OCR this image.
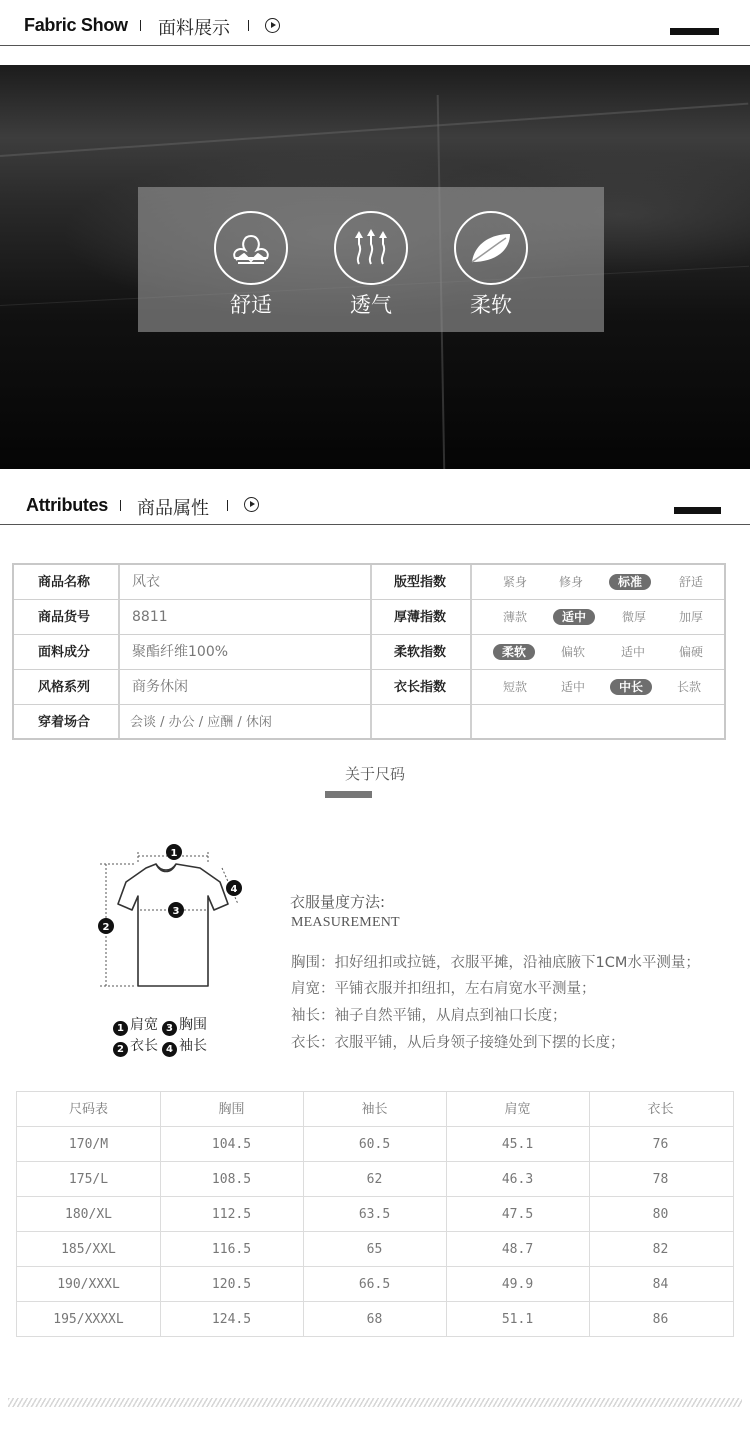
Fabric Show 面料展示
舒适	透气	柔软
Attributes 商品属性
商品名称	风衣	版型指数	紧身	修身	标准	舒适
商品货号	8811	厚薄指数	薄款	适中	微厚	加厚
面料成分	聚酯纤维100%	柔软指数	柔软	偏软	适中	偏硬
风格系列	商务休闲	衣长指数	短款	适中	中长	长款
穿着场合	会谈 / 办公 / 应酬 / 休闲
关于尺码
1
2
3
4
1 肩宽 3 胸围
2 衣长 4 袖长
衣服量度方法:
MEASUREMENT
胸围：扣好纽扣或拉链，衣服平摊，沿袖底腋下1CM水平测量；
肩宽：平铺衣服并扣纽扣，左右肩宽水平测量；
袖长：袖子自然平铺，从肩点到袖口长度；
衣长：衣服平铺，从后身领子接缝处到下摆的长度；
尺码表	胸围	袖长	肩宽	衣长
170/M	104.5	60.5	45.1	76
175/L	108.5	62	46.3	78
180/XL	112.5	63.5	47.5	80
185/XXL	116.5	65	48.7	82
190/XXXL	120.5	66.5	49.9	84
195/XXXXL	124.5	68	51.1	86
